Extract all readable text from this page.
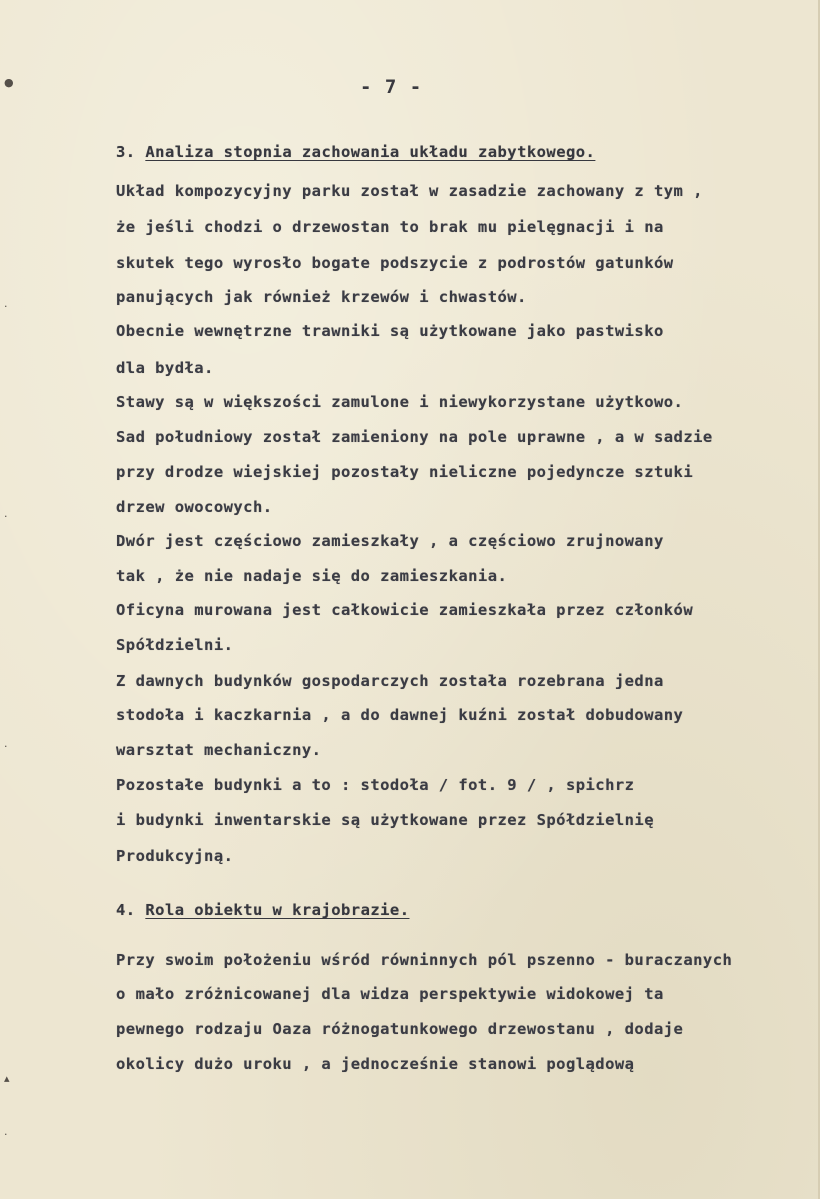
●
·
·
·
▴
·
- 7 -
3. Analiza stopnia zachowania układu zabytkowego.
Układ kompozycyjny parku został w zasadzie zachowany z tym ,
że jeśli chodzi o drzewostan to brak mu pielęgnacji i na
skutek tego wyrosło bogate podszycie z podrostów gatunków
panujących jak również krzewów i chwastów.
Obecnie wewnętrzne trawniki są użytkowane jako pastwisko
dla bydła.
Stawy są w większości zamulone i niewykorzystane użytkowo.
Sad południowy został zamieniony na pole uprawne , a w sadzie
przy drodze wiejskiej pozostały nieliczne pojedyncze sztuki
drzew owocowych.
Dwór jest częściowo zamieszkały , a częściowo zrujnowany
tak , że nie nadaje się do zamieszkania.
Oficyna murowana jest całkowicie zamieszkała przez członków
Spółdzielni.
Z dawnych budynków gospodarczych została rozebrana jedna
stodoła i kaczkarnia , a do dawnej kuźni został dobudowany
warsztat mechaniczny.
Pozostałe budynki a to : stodoła / fot. 9 / , spichrz
i budynki inwentarskie są użytkowane przez Spółdzielnię
Produkcyjną.
4. Rola obiektu w krajobrazie.
Przy swoim położeniu wśród równinnych pól pszenno - buraczanych
o mało zróżnicowanej dla widza perspektywie widokowej ta
pewnego rodzaju Oaza różnogatunkowego drzewostanu , dodaje
okolicy dużo uroku , a jednocześnie stanowi poglądową
